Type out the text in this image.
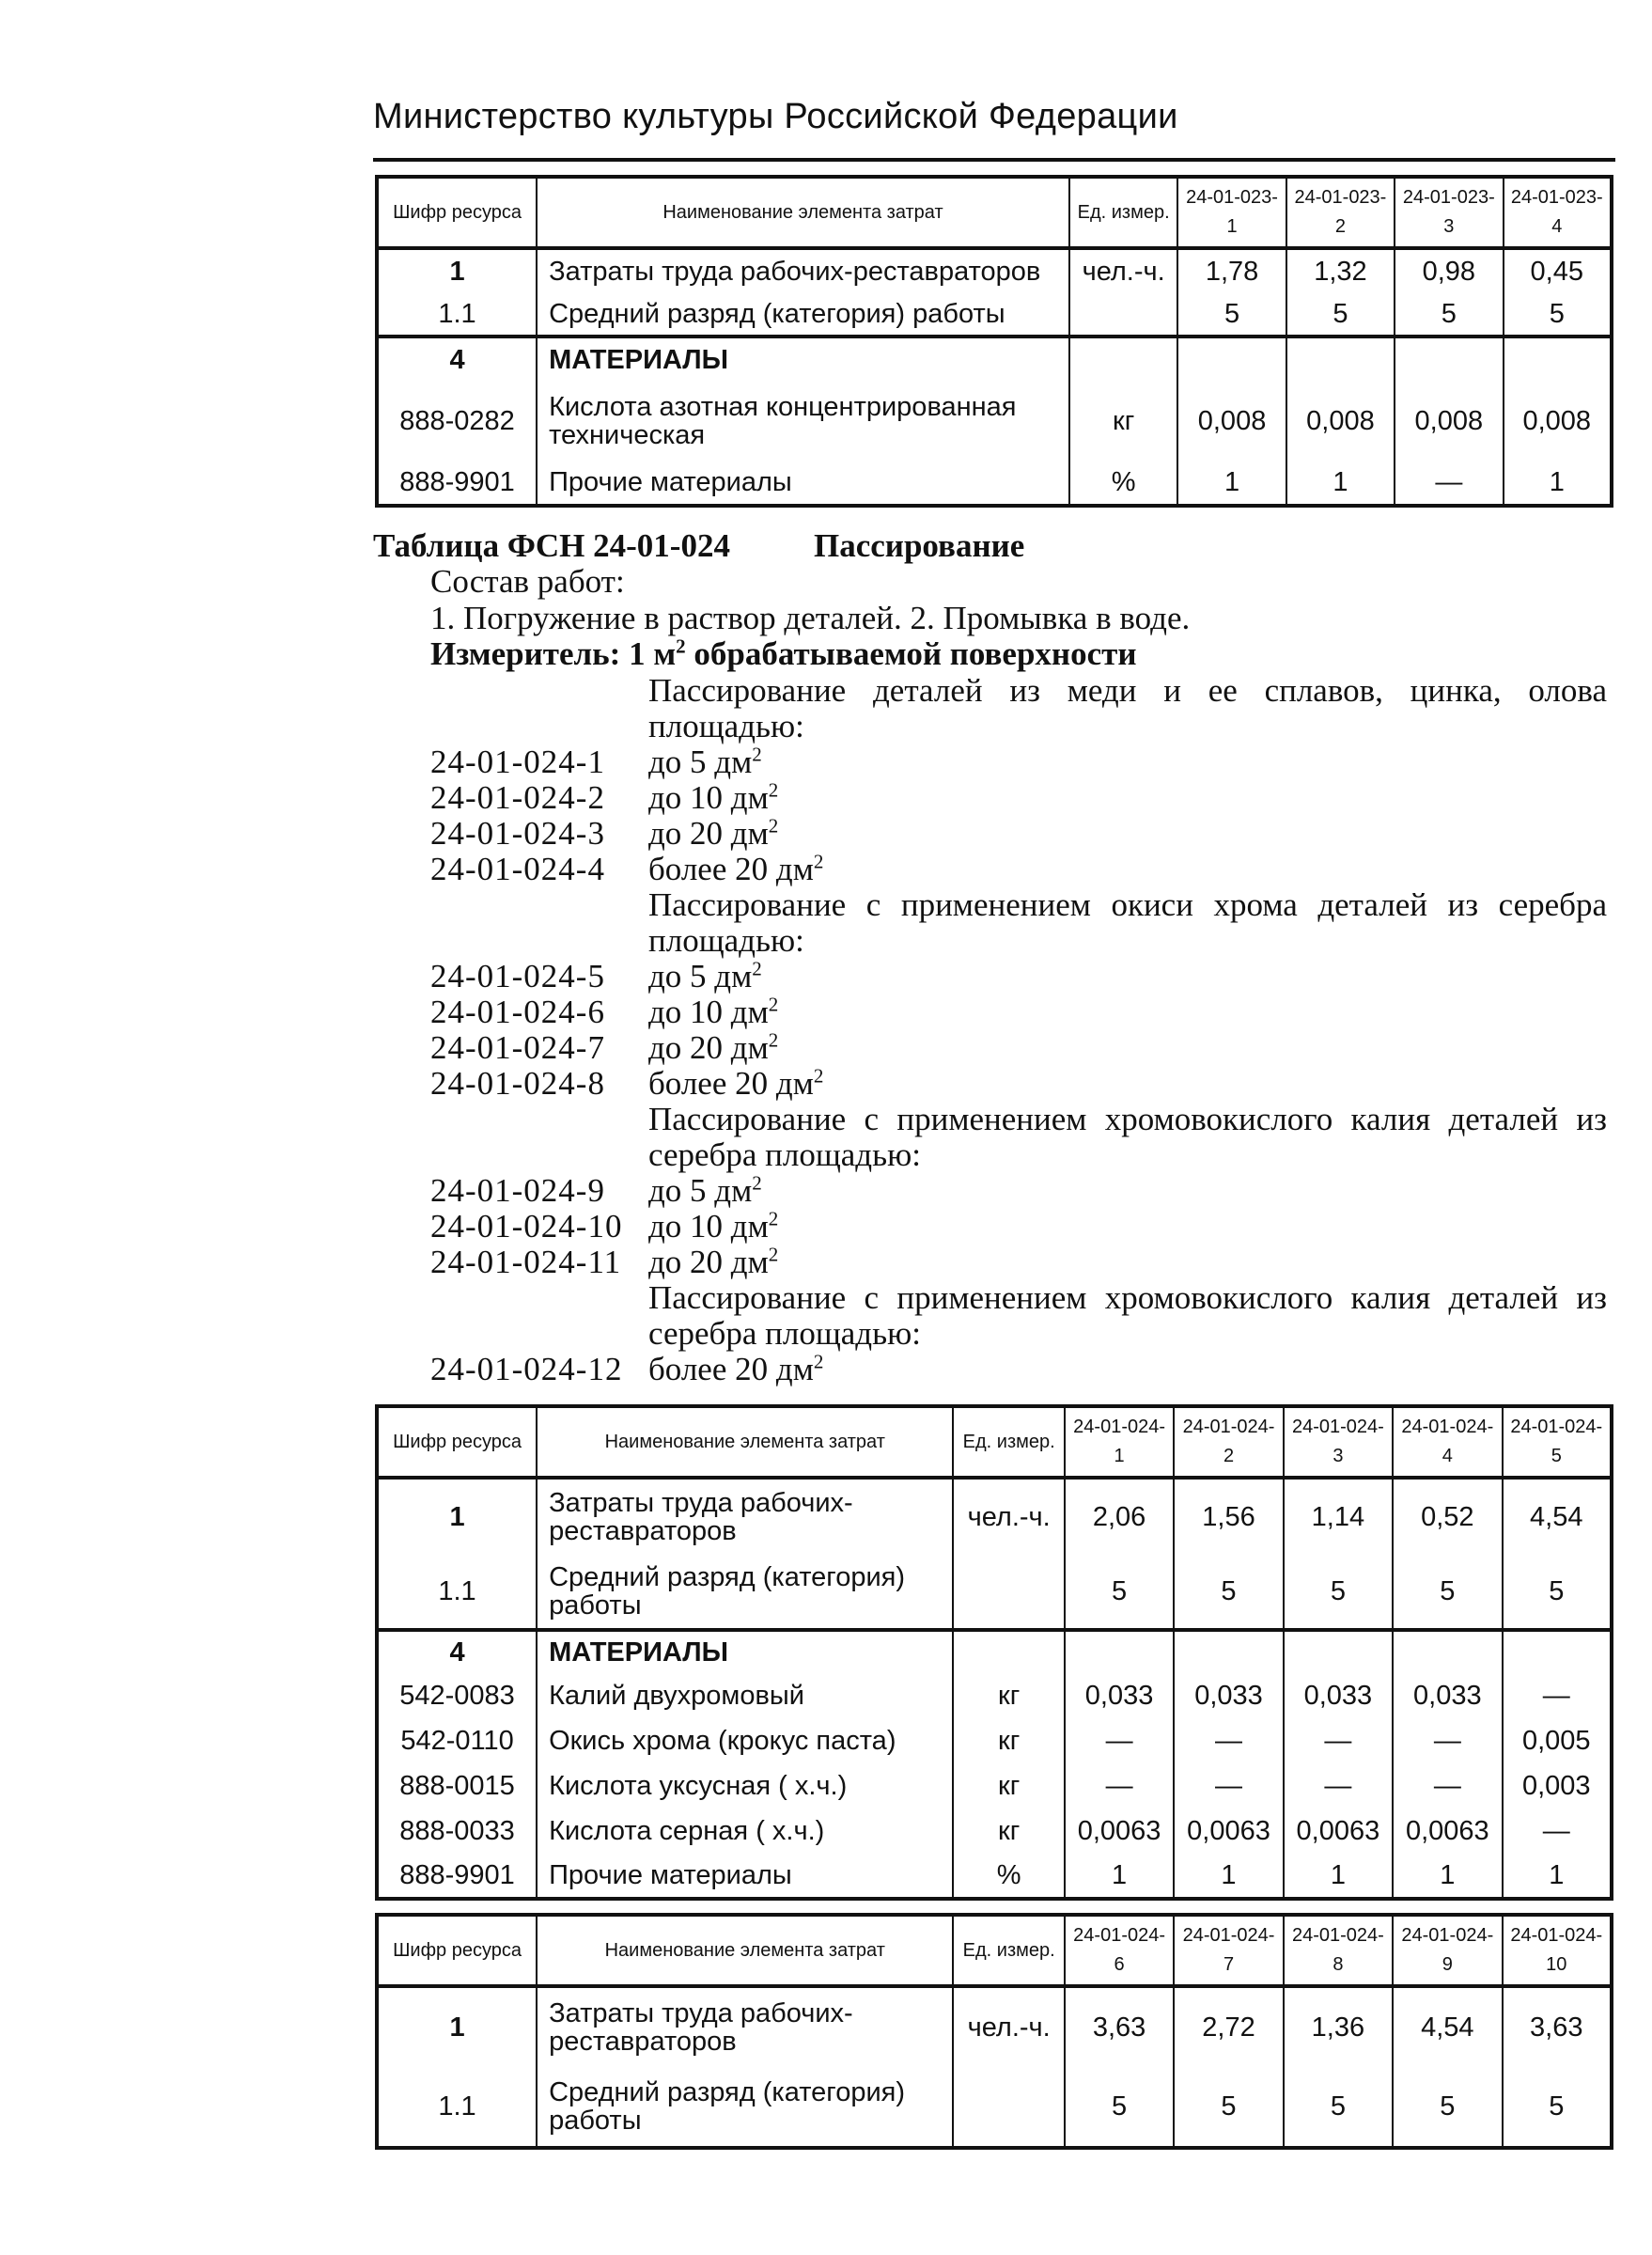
Министерство культуры Российской Федерации
Шифр ресурса	Наименование элемента затрат	Ед. измер.	24-01-023-1	24-01-023-2	24-01-023-3	24-01-023-4
1	Затраты труда рабочих-реставраторов	чел.-ч.	1,78	1,32	0,98	0,45
1.1	Средний разряд (категория) работы		5	5	5	5
4	МАТЕРИАЛЫ					
888-0282	Кислота азотная концентрированная техническая	кг	0,008	0,008	0,008	0,008
888-9901	Прочие материалы	%	1	1	—	1
Таблица ФСН 24-01-024	Пассирование
Состав работ:
1. Погружение в раствор деталей. 2. Промывка в воде.
Измеритель: 1 $м^2$ обрабатываемой поверхности
Пассирование деталей из меди и ее сплавов, цинка, олова площадью:
24-01-024-1 до 5 $дм^2$
24-01-024-2 до 10 $дм^2$
24-01-024-3 до 20 $дм^2$
24-01-024-4 более 20 $дм^2$
Пассирование с применением окиси хрома деталей из серебра площадью:
24-01-024-5 до 5 $дм^2$
24-01-024-6 до 10 $дм^2$
24-01-024-7 до 20 $дм^2$
24-01-024-8 более 20 $дм^2$
Пассирование с применением хромовокислого калия деталей из серебра площадью:
24-01-024-9 до 5 $дм^2$
24-01-024-10 до 10 $дм^2$
24-01-024-11 до 20 $дм^2$
Пассирование с применением хромовокислого калия деталей из серебра площадью:
24-01-024-12 более 20 $дм^2$
Шифр ресурса	Наименование элемента затрат	Ед. измер.	24-01-024-1	24-01-024-2	24-01-024-3	24-01-024-4	24-01-024-5
1	Затраты труда рабочих-реставраторов	чел.-ч.	2,06	1,56	1,14	0,52	4,54
1.1	Средний разряд (категория) работы		5	5	5	5	5
4	МАТЕРИАЛЫ						
542-0083	Калий двухромовый	кг	0,033	0,033	0,033	0,033	—
542-0110	Окись хрома (крокус паста)	кг	—	—	—	—	0,005
888-0015	Кислота уксусная ( х.ч.)	кг	—	—	—	—	0,003
888-0033	Кислота серная ( х.ч.)	кг	0,0063	0,0063	0,0063	0,0063	—
888-9901	Прочие материалы	%	1	1	1	1	1
Шифр ресурса	Наименование элемента затрат	Ед. измер.	24-01-024-6	24-01-024-7	24-01-024-8	24-01-024-9	24-01-024-10
1	Затраты труда рабочих-реставраторов	чел.-ч.	3,63	2,72	1,36	4,54	3,63
1.1	Средний разряд (категория) работы		5	5	5	5	5
